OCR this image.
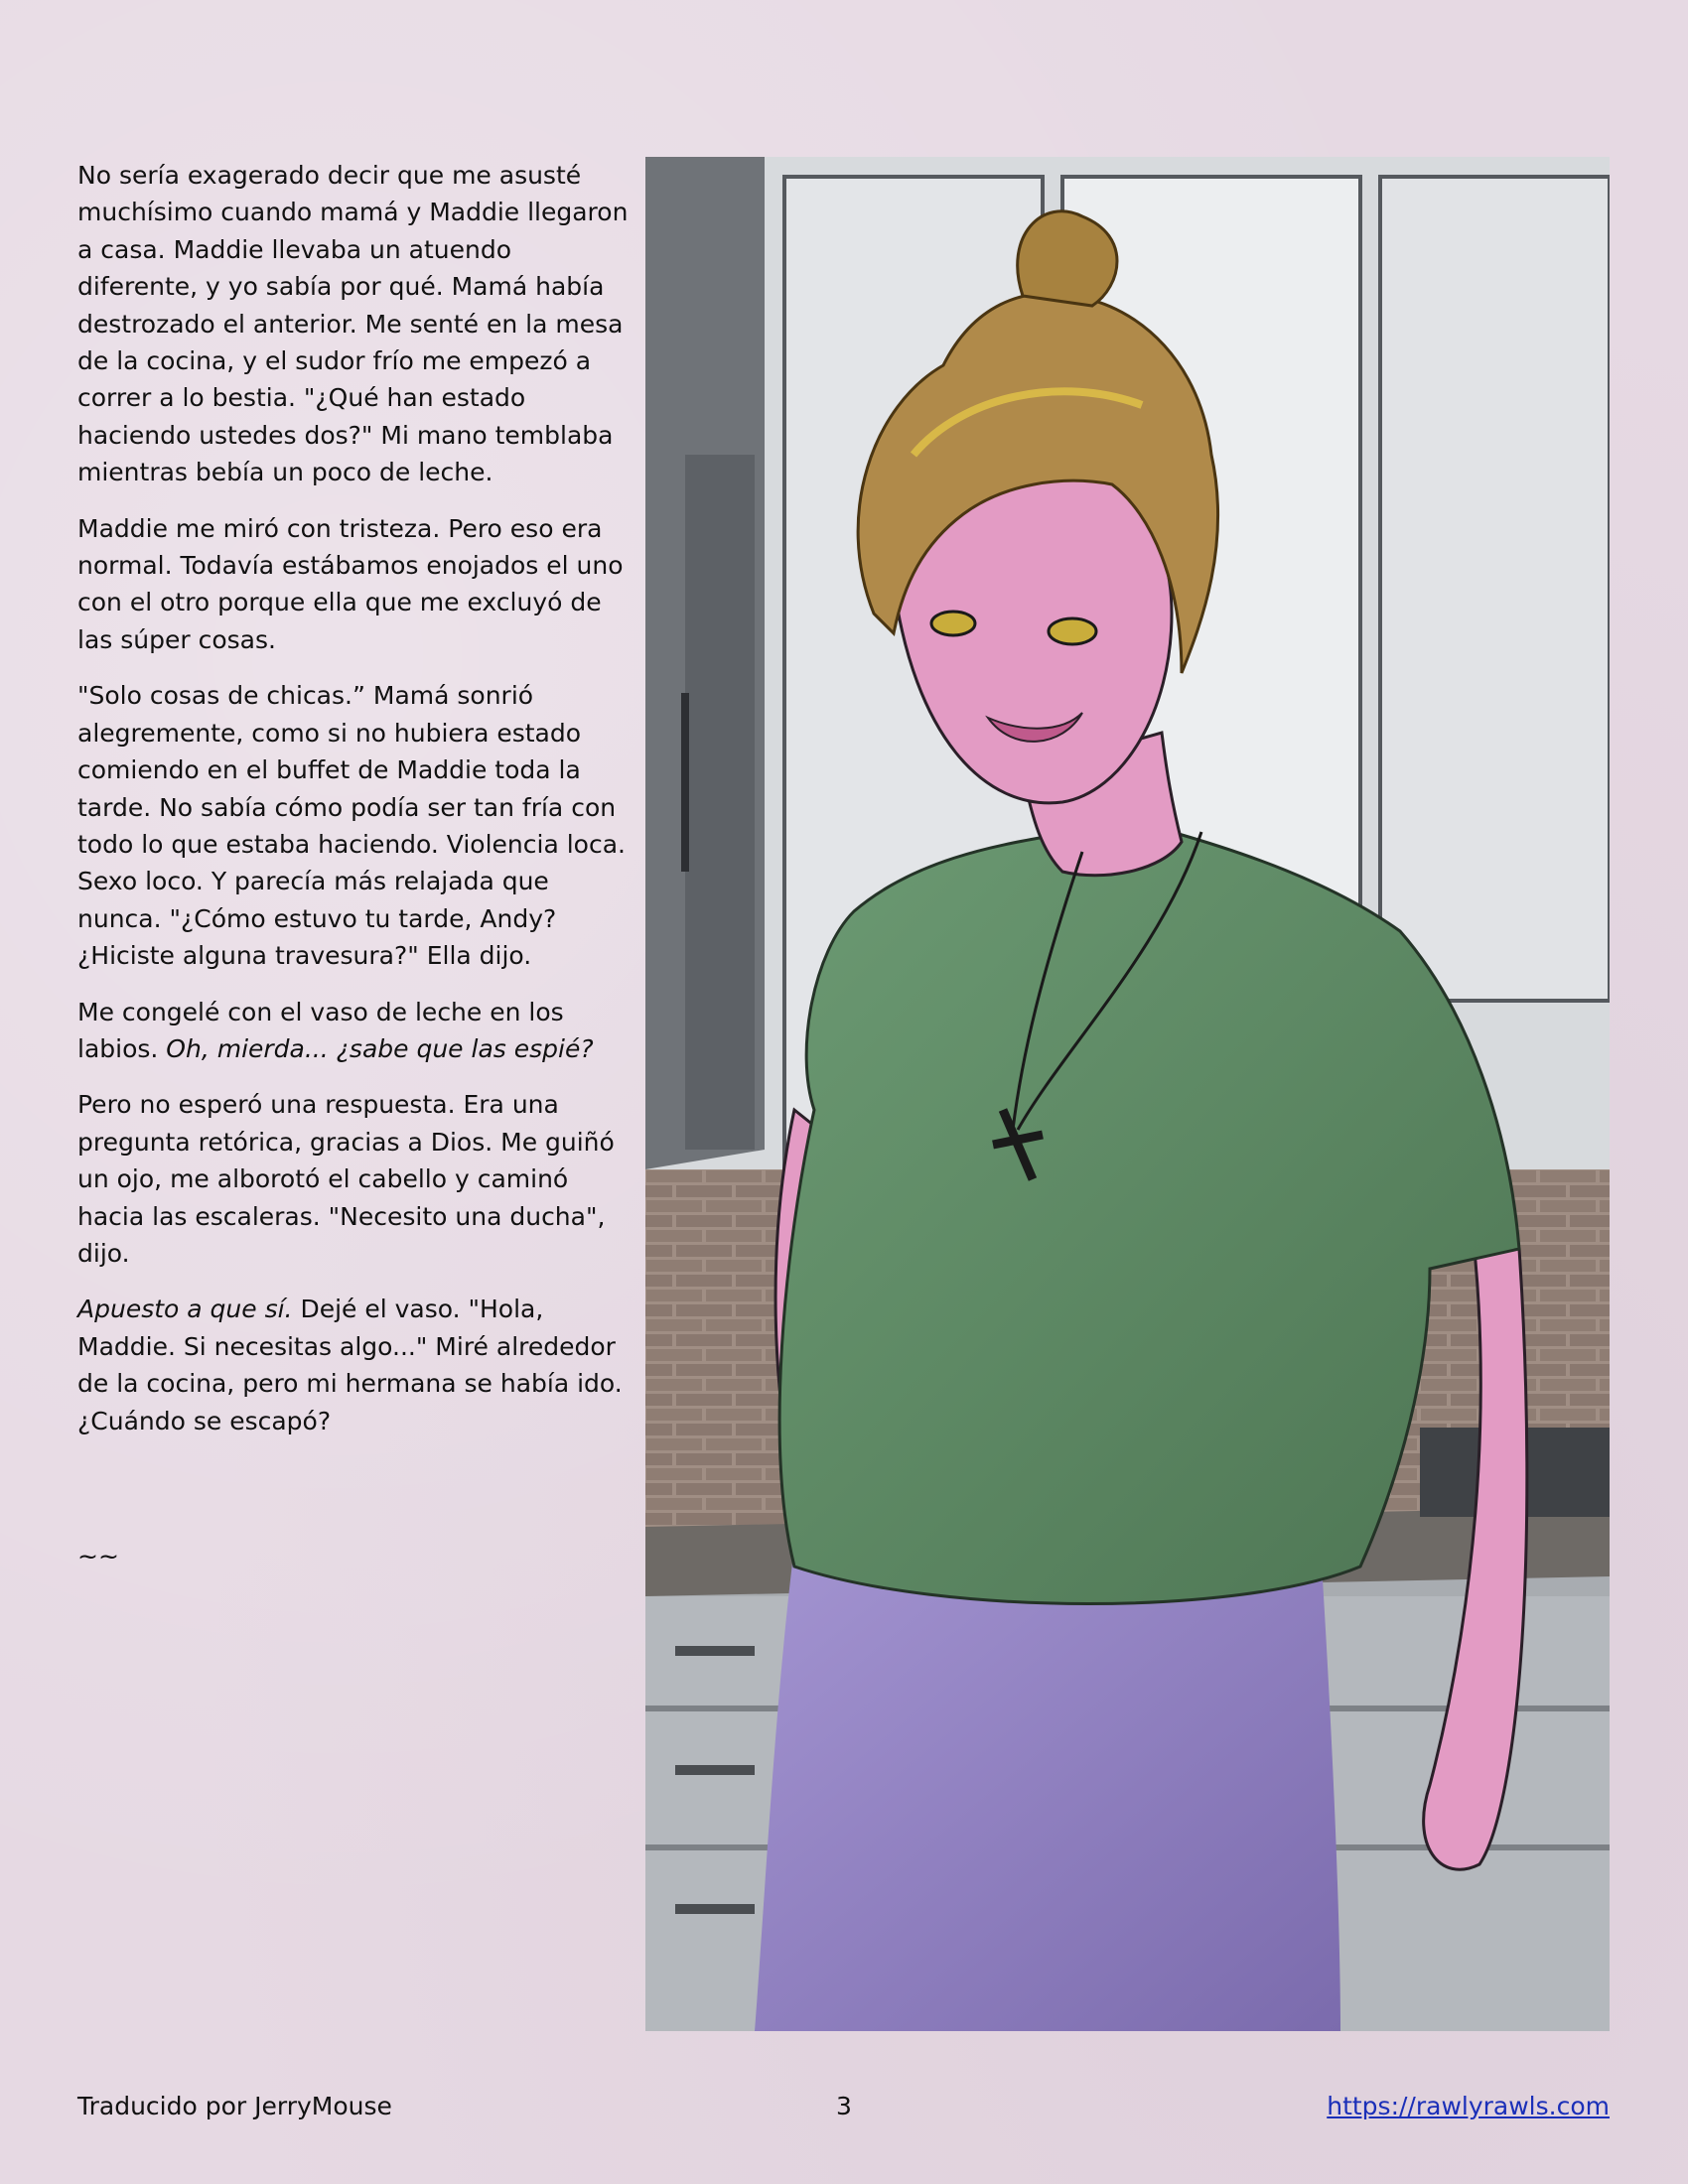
No sería exagerado decir que me asusté muchísimo cuando mamá y Maddie llegaron a casa. Maddie llevaba un atuendo diferente, y yo sabía por qué. Mamá había destrozado el anterior. Me senté en la mesa de la cocina, y el sudor frío me empezó a correr a lo bestia. "¿Qué han estado haciendo ustedes dos?" Mi mano temblaba mientras bebía un poco de leche.

Maddie me miró con tristeza. Pero eso era normal. Todavía estábamos enojados el uno con el otro porque ella que me excluyó de las súper cosas.

"Solo cosas de chicas.” Mamá sonrió alegremente, como si no hubiera estado comiendo en el buffet de Maddie toda la tarde. No sabía cómo podía ser tan fría con todo lo que estaba haciendo. Violencia loca. Sexo loco. Y parecía más relajada que nunca. "¿Cómo estuvo tu tarde, Andy? ¿Hiciste alguna travesura?" Ella dijo.

Me congelé con el vaso de leche en los labios. Oh, mierda... ¿sabe que las espié?

Pero no esperó una respuesta. Era una pregunta retórica, gracias a Dios. Me guiñó un ojo, me alborotó el cabello y caminó hacia las escaleras. "Necesito una ducha", dijo.

Apuesto a que sí. Dejé el vaso. "Hola, Maddie. Si necesitas algo..." Miré alrededor de la cocina, pero mi hermana se había ido. ¿Cuándo se escapó?

~~
Traducido por JerryMouse	3	https://rawlyrawls.com
